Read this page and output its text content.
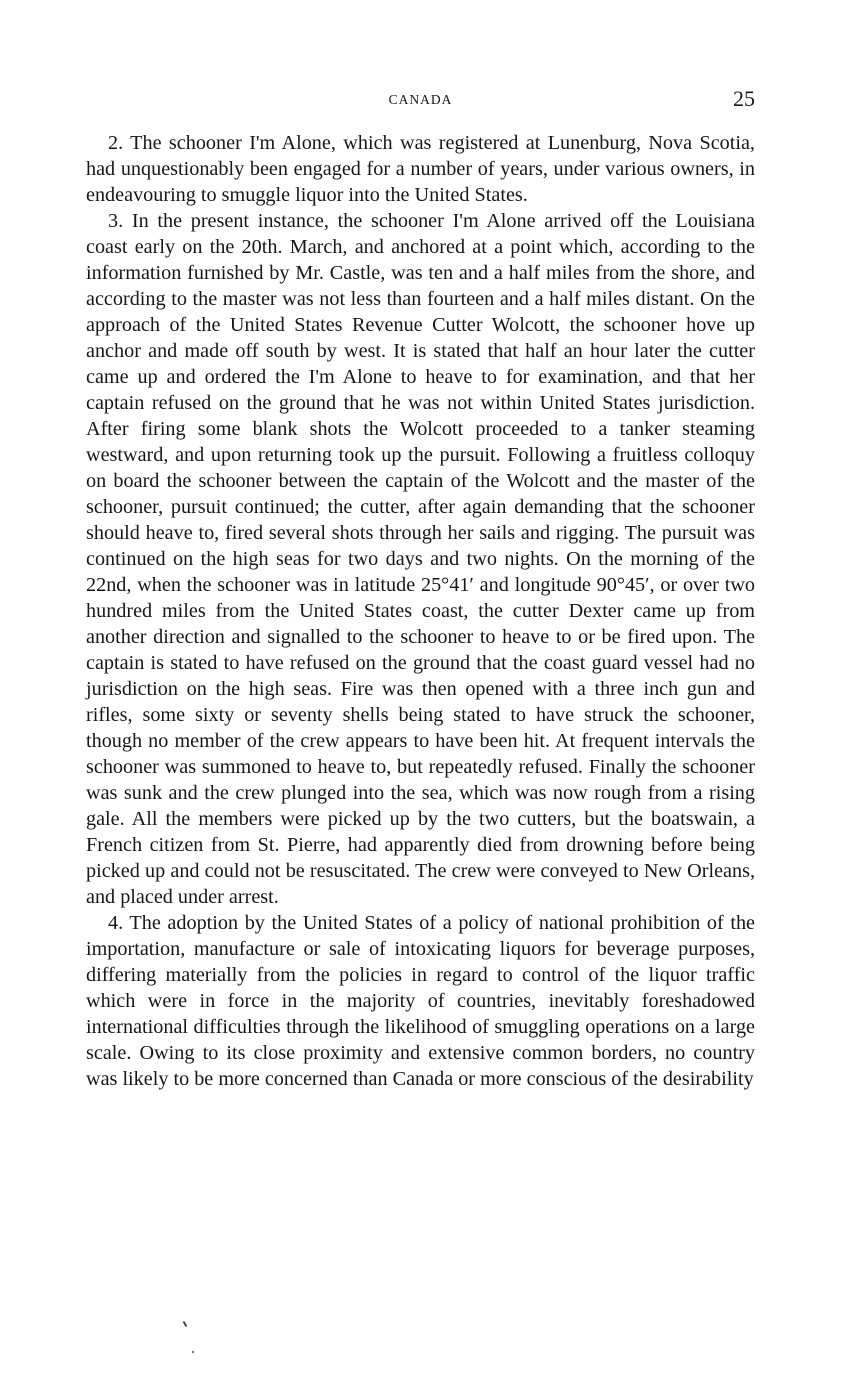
CANADA	25

2. The schooner I'm Alone, which was registered at Lunenburg, Nova Scotia, had unquestionably been engaged for a number of years, under various owners, in endeavouring to smuggle liquor into the United States.

3. In the present instance, the schooner I'm Alone arrived off the Louisiana coast early on the 20th. March, and anchored at a point which, according to the information furnished by Mr. Castle, was ten and a half miles from the shore, and according to the master was not less than fourteen and a half miles distant. On the approach of the United States Revenue Cutter Wolcott, the schooner hove up anchor and made off south by west. It is stated that half an hour later the cutter came up and ordered the I'm Alone to heave to for examination, and that her captain refused on the ground that he was not within United States jurisdiction. After firing some blank shots the Wolcott proceeded to a tanker steaming westward, and upon returning took up the pursuit. Following a fruitless colloquy on board the schooner between the captain of the Wolcott and the master of the schooner, pursuit continued; the cutter, after again demanding that the schooner should heave to, fired several shots through her sails and rigging. The pursuit was continued on the high seas for two days and two nights. On the morning of the 22nd, when the schooner was in latitude 25°41′ and longitude 90°45′, or over two hundred miles from the United States coast, the cutter Dexter came up from another direction and signalled to the schooner to heave to or be fired upon. The captain is stated to have refused on the ground that the coast guard vessel had no jurisdiction on the high seas. Fire was then opened with a three inch gun and rifles, some sixty or seventy shells being stated to have struck the schooner, though no member of the crew appears to have been hit. At frequent intervals the schooner was summoned to heave to, but repeatedly refused. Finally the schooner was sunk and the crew plunged into the sea, which was now rough from a rising gale. All the members were picked up by the two cutters, but the boatswain, a French citizen from St. Pierre, had apparently died from drowning before being picked up and could not be resuscitated. The crew were conveyed to New Orleans, and placed under arrest.

4. The adoption by the United States of a policy of national prohibition of the importation, manufacture or sale of intoxicating liquors for beverage purposes, differing materially from the policies in regard to control of the liquor traffic which were in force in the majority of countries, inevitably foreshadowed international difficulties through the likelihood of smuggling operations on a large scale. Owing to its close proximity and extensive common borders, no country was likely to be more concerned than Canada or more conscious of the desirability
